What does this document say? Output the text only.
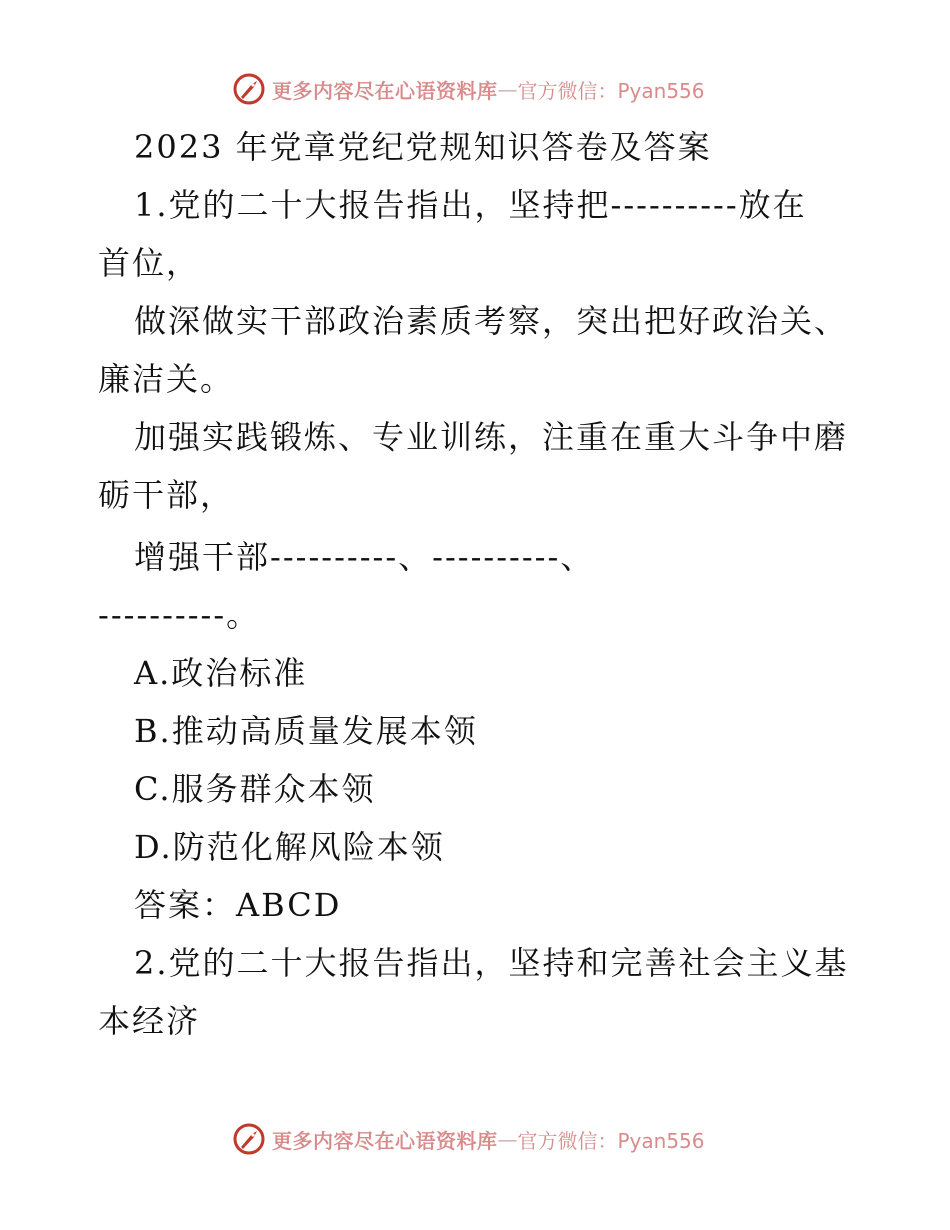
更多内容尽在心语资料库 — 官方微信：Pyan556

2023 年党章党纪党规知识答卷及答案

1.党的二十大报告指出，坚持把----------放在

首位，

做深做实干部政治素质考察，突出把好政治关、

廉洁关。

加强实践锻炼、专业训练，注重在重大斗争中磨

砺干部，

增强干部----------、----------、

----------。

A.政治标准

B.推动高质量发展本领

C.服务群众本领

D.防范化解风险本领

答案：ABCD

2.党的二十大报告指出，坚持和完善社会主义基

本经济

更多内容尽在心语资料库 — 官方微信：Pyan556
